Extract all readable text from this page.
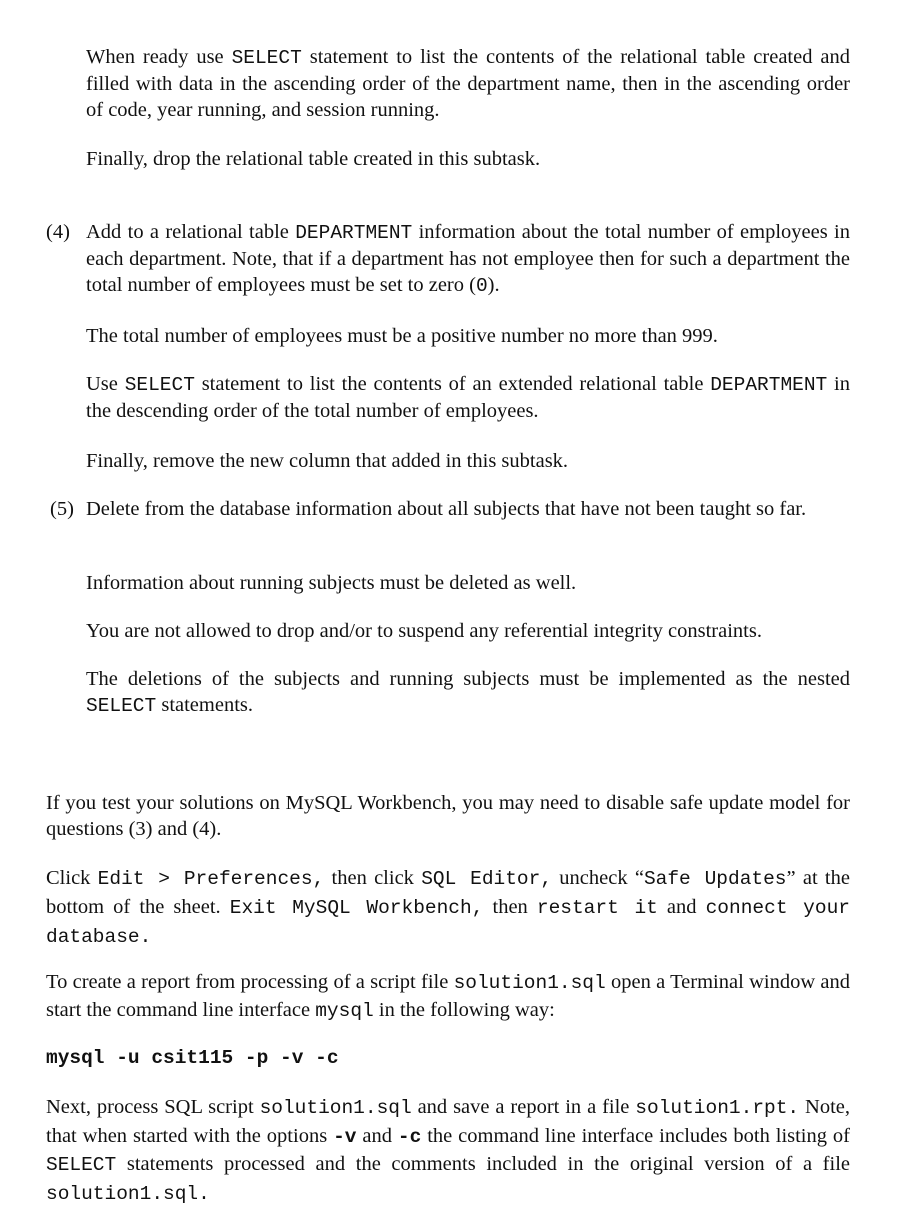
When ready use SELECT statement to list the contents of the relational table created and filled with data in the ascending order of the department name, then in the ascending order of code, year running, and session running.

Finally, drop the relational table created in this subtask.

(4) Add to a relational table DEPARTMENT information about the total number of employees in each department. Note, that if a department has not employee then for such a department the total number of employees must be set to zero (0).

The total number of employees must be a positive number no more than 999.

Use SELECT statement to list the contents of an extended relational table DEPARTMENT in the descending order of the total number of employees.

Finally, remove the new column that added in this subtask.

(5) Delete from the database information about all subjects that have not been taught so far.

Information about running subjects must be deleted as well.

You are not allowed to drop and/or to suspend any referential integrity constraints.

The deletions of the subjects and running subjects must be implemented as the nested SELECT statements.

If you test your solutions on MySQL Workbench, you may need to disable safe update model for questions (3) and (4).

Click Edit > Preferences, then click SQL Editor, uncheck “Safe Updates” at the bottom of the sheet. Exit MySQL Workbench, then restart it and connect your database.

To create a report from processing of a script file solution1.sql open a Terminal window and start the command line interface mysql in the following way:

mysql -u csit115 -p -v -c

Next, process SQL script solution1.sql and save a report in a file solution1.rpt. Note, that when started with the options -v and -c the command line interface includes both listing of SELECT statements processed and the comments included in the original version of a file solution1.sql.
